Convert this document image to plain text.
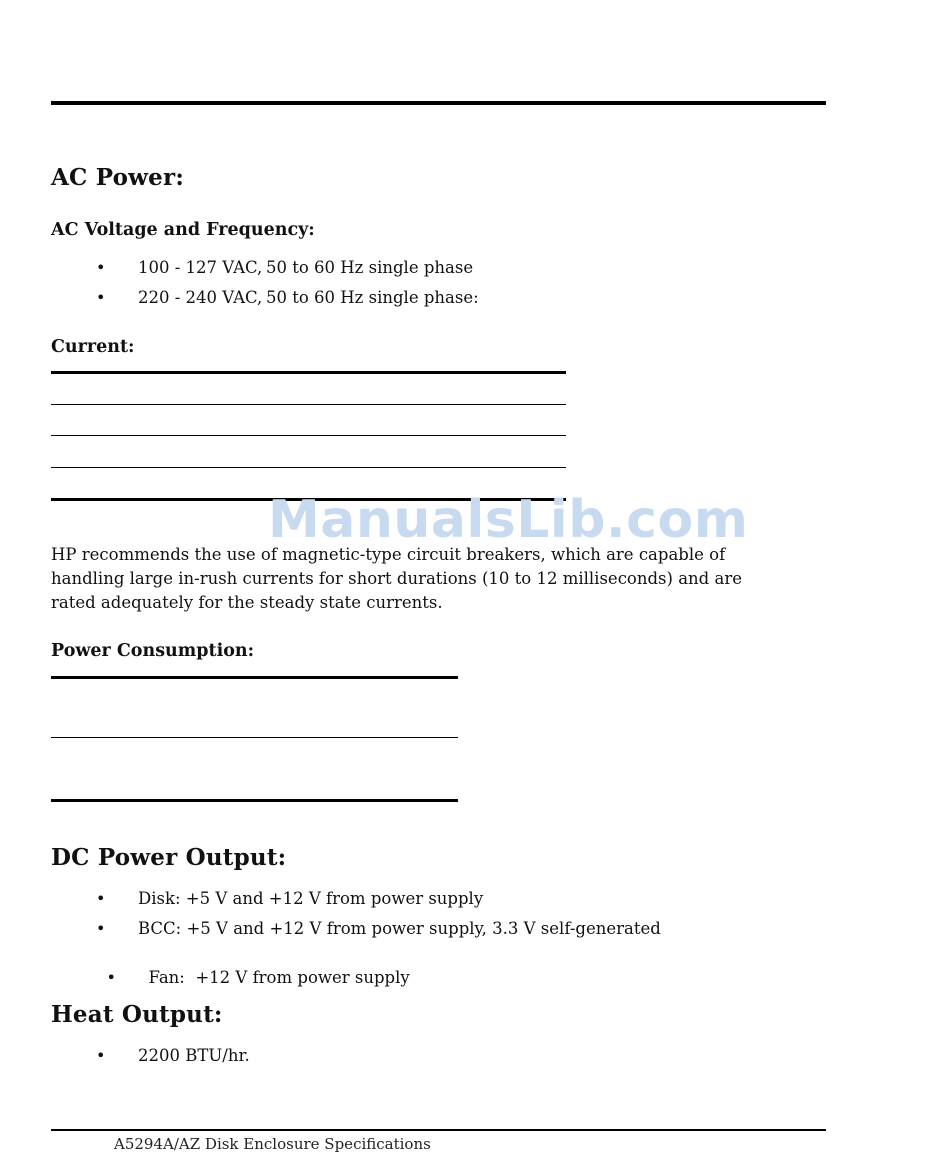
AC Power:
AC Voltage and Frequency:
• 100 - 127 VAC, 50 to 60 Hz single phase
• 220 - 240 VAC, 50 to 60 Hz single phase:
Current:
ManualsLib.com

HP recommends the use of magnetic-type circuit breakers, which are capable of handling large in-rush currents for short durations (10 to 12 milliseconds) and are rated adequately for the steady state currents.

Power Consumption:
DC Power Output:
• Disk: +5 V and +12 V from power supply
• BCC: +5 V and +12 V from power supply, 3.3 V self-generated

• Fan:  +12 V from power supply

Heat Output:
• 2200 BTU/hr.
A5294A/AZ Disk Enclosure Specifications
